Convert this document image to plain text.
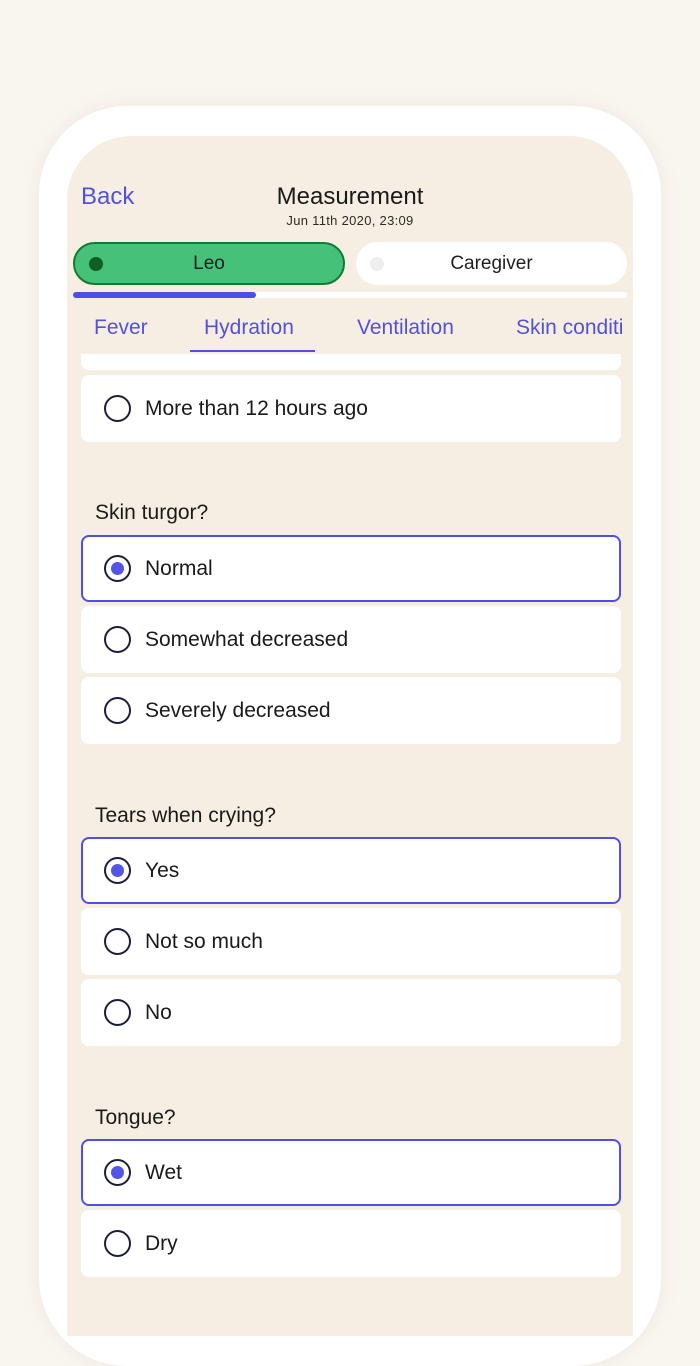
Back	Measurement
Jun 11th 2020, 23:09
Leo	Caregiver
Fever	Hydration	Ventilation	Skin conditi
More than 12 hours ago
Skin turgor?
Normal
Somewhat decreased
Severely decreased
Tears when crying?
Yes
Not so much
No
Tongue?
Wet
Dry
